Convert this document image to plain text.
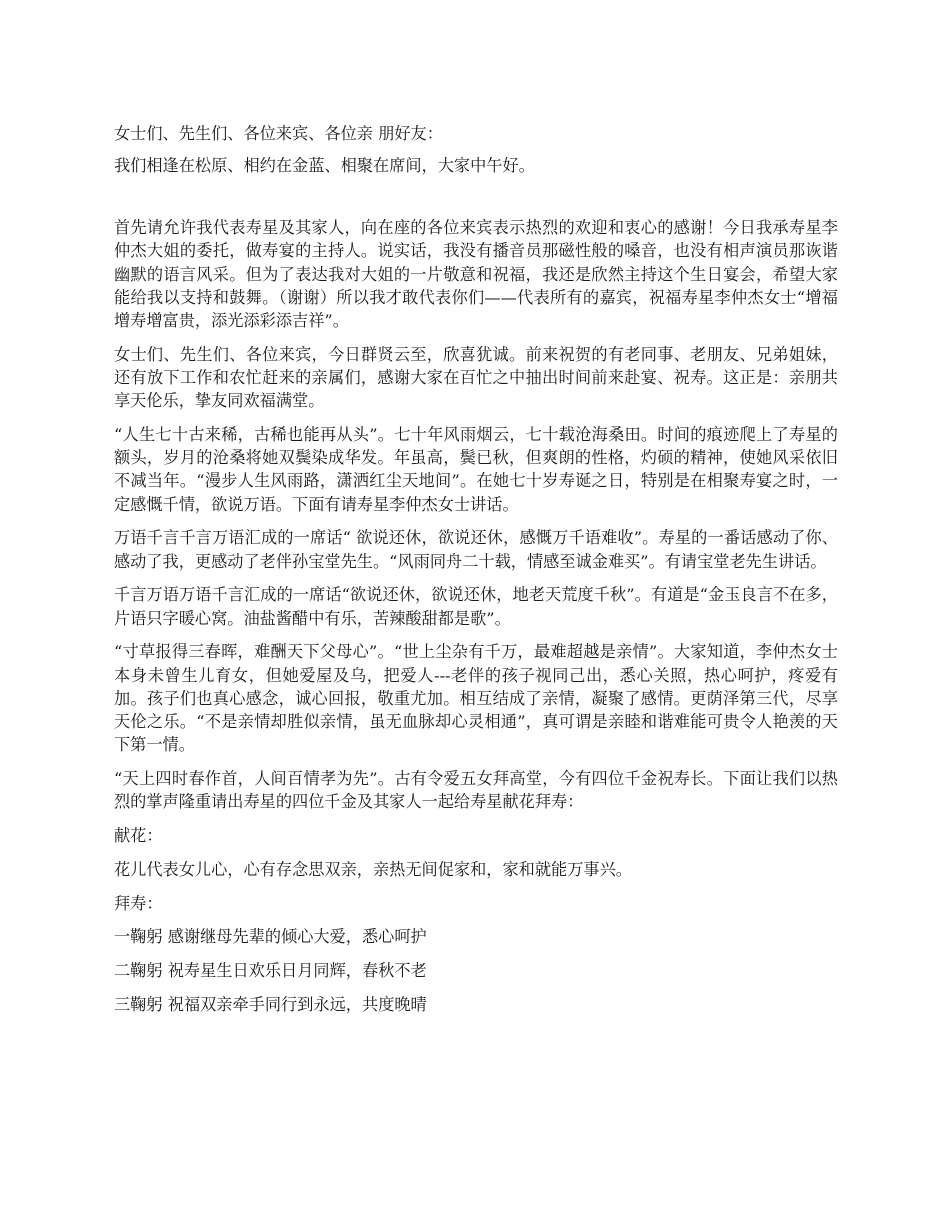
女士们、先生们、各位来宾、各位亲 朋好友：

我们相逢在松原、相约在金蓝、相聚在席间，大家中午好。

首先请允许我代表寿星及其家人，向在座的各位来宾表示热烈的欢迎和衷心的感谢！今日我承寿星李仲杰大姐的委托，做寿宴的主持人。说实话，我没有播音员那磁性般的嗓音，也没有相声演员那诙谐幽默的语言风采。但为了表达我对大姐的一片敬意和祝福，我还是欣然主持这个生日宴会，希望大家能给我以支持和鼓舞。（谢谢）所以我才敢代表你们——代表所有的嘉宾，祝福寿星李仲杰女士“增福增寿增富贵，添光添彩添吉祥”。

女士们、先生们、各位来宾，今日群贤云至，欣喜犹诚。前来祝贺的有老同事、老朋友、兄弟姐妹，还有放下工作和农忙赶来的亲属们，感谢大家在百忙之中抽出时间前来赴宴、祝寿。这正是：亲朋共享天伦乐，挚友同欢福满堂。

“人生七十古来稀，古稀也能再从头”。七十年风雨烟云，七十载沧海桑田。时间的痕迹爬上了寿星的额头，岁月的沧桑将她双鬓染成华发。年虽高，鬓已秋，但爽朗的性格，灼硕的精神，使她风采依旧不减当年。“漫步人生风雨路，潇洒红尘天地间”。在她七十岁寿诞之日，特别是在相聚寿宴之时，一定感慨千情，欲说万语。下面有请寿星李仲杰女士讲话。

万语千言千言万语汇成的一席话“ 欲说还休，欲说还休，感慨万千语难收”。寿星的一番话感动了你、感动了我，更感动了老伴孙宝堂先生。“风雨同舟二十载，情感至诚金难买”。有请宝堂老先生讲话。

千言万语万语千言汇成的一席话“欲说还休，欲说还休，地老天荒度千秋”。有道是“金玉良言不在多，片语只字暖心窝。油盐酱醋中有乐，苦辣酸甜都是歌”。

“寸草报得三春晖，难酬天下父母心”。“世上尘杂有千万，最难超越是亲情”。大家知道，李仲杰女士本身未曾生儿育女，但她爱屋及乌，把爱人---老伴的孩子视同己出，悉心关照，热心呵护，疼爱有加。孩子们也真心感念，诚心回报，敬重尤加。相互结成了亲情，凝聚了感情。更荫泽第三代，尽享天伦之乐。“不是亲情却胜似亲情，虽无血脉却心灵相通”，真可谓是亲睦和谐难能可贵令人艳羡的天下第一情。

“天上四时春作首，人间百情孝为先”。古有令爱五女拜高堂，今有四位千金祝寿长。下面让我们以热烈的掌声隆重请出寿星的四位千金及其家人一起给寿星献花拜寿：

献花：

花儿代表女儿心，心有存念思双亲，亲热无间促家和，家和就能万事兴。

拜寿：

一鞠躬 感谢继母先辈的倾心大爱，悉心呵护

二鞠躬 祝寿星生日欢乐日月同辉，春秋不老

三鞠躬 祝福双亲牵手同行到永远，共度晚晴
